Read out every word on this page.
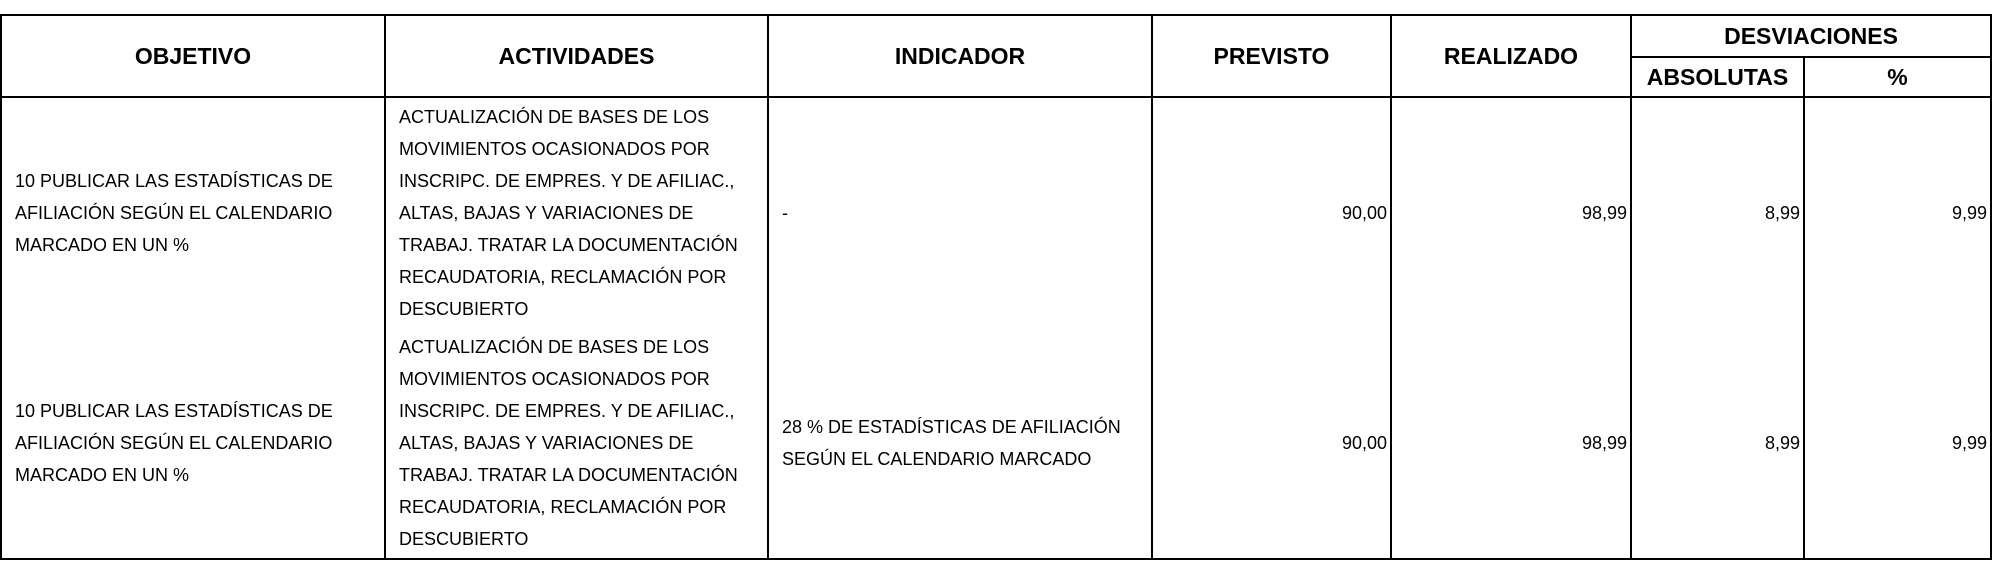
OBJETIVO	ACTIVIDADES	INDICADOR	PREVISTO	REALIZADO	DESVIACIONES	
					ABSOLUTAS	%
10 PUBLICAR LAS ESTADÍSTICAS DE AFILIACIÓN SEGÚN EL CALENDARIO MARCADO EN UN %	ACTUALIZACIÓN DE BASES DE LOS MOVIMIENTOS OCASIONADOS POR INSCRIPC. DE EMPRES. Y DE AFILIAC., ALTAS, BAJAS Y VARIACIONES DE TRABAJ. TRATAR LA DOCUMENTACIÓN RECAUDATORIA, RECLAMACIÓN POR DESCUBIERTO	-	90,00	98,99	8,99	9,99
10 PUBLICAR LAS ESTADÍSTICAS DE AFILIACIÓN SEGÚN EL CALENDARIO MARCADO EN UN %	ACTUALIZACIÓN DE BASES DE LOS MOVIMIENTOS OCASIONADOS POR INSCRIPC. DE EMPRES. Y DE AFILIAC., ALTAS, BAJAS Y VARIACIONES DE TRABAJ. TRATAR LA DOCUMENTACIÓN RECAUDATORIA, RECLAMACIÓN POR DESCUBIERTO	28 % DE ESTADÍSTICAS DE AFILIACIÓN SEGÚN EL CALENDARIO MARCADO	90,00	98,99	8,99	9,99
